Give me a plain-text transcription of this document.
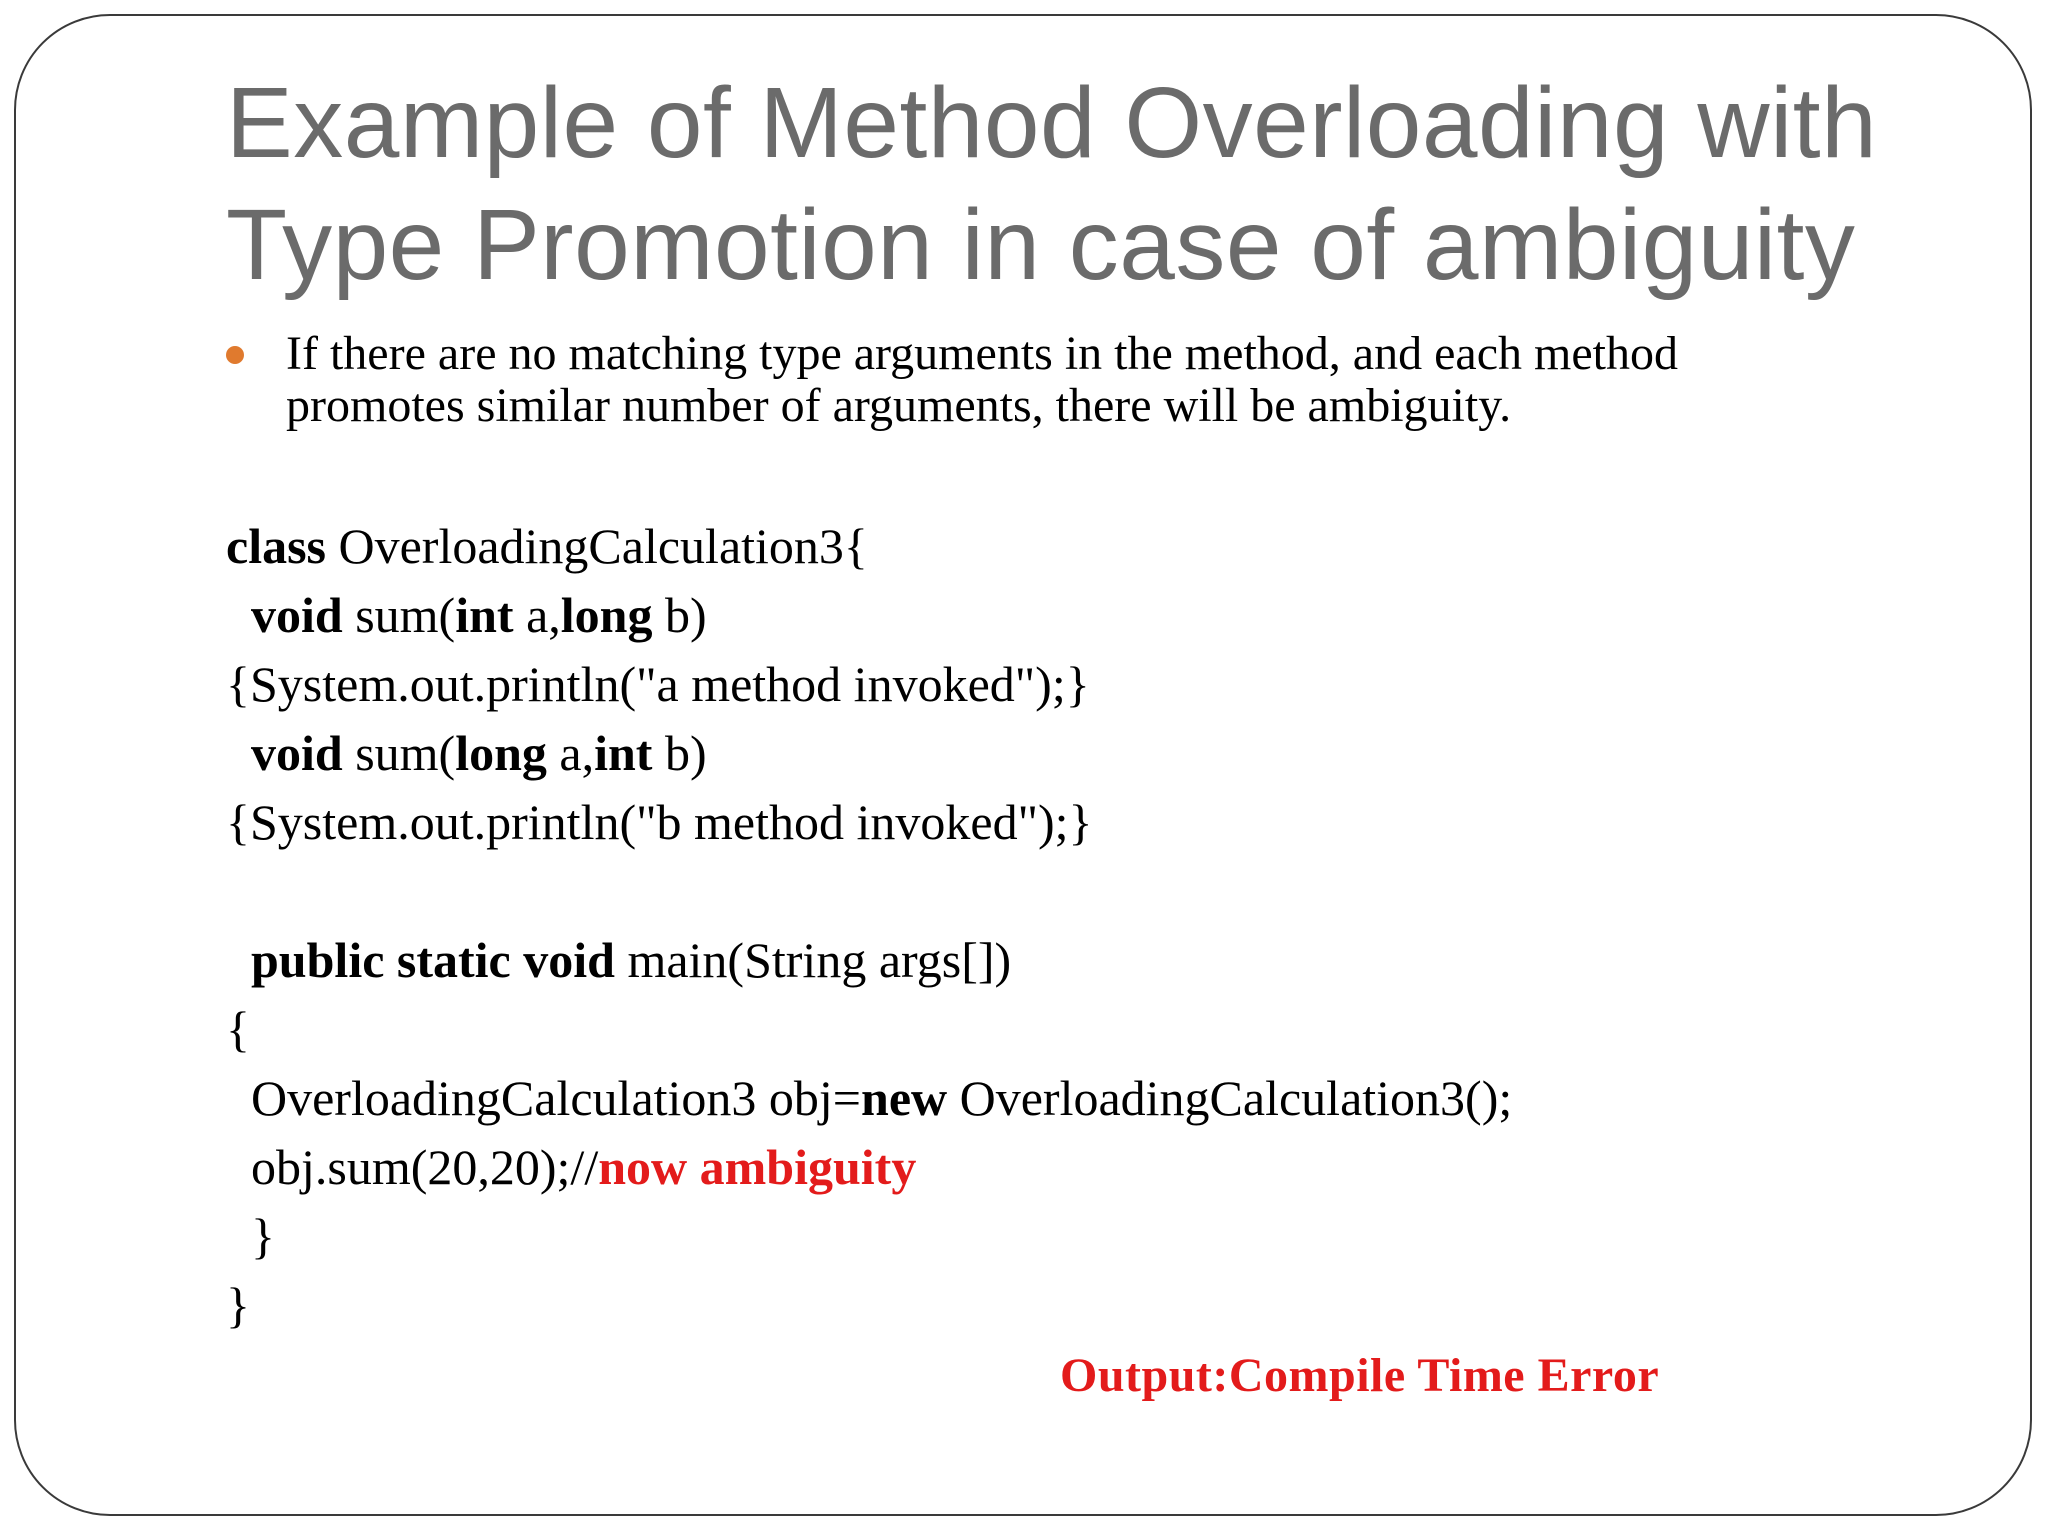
Example of Method Overloading with
Type Promotion in case of ambiguity
If there are no matching type arguments in the method, and each method
promotes similar number of arguments, there will be ambiguity.
class OverloadingCalculation3{
void sum(int a,long b)
{System.out.println("a method invoked");}
void sum(long a,int b)
{System.out.println("b method invoked");}
public static void main(String args[])
{
OverloadingCalculation3 obj=new OverloadingCalculation3();
obj.sum(20,20);//now ambiguity
}
}
Output:Compile Time Error
